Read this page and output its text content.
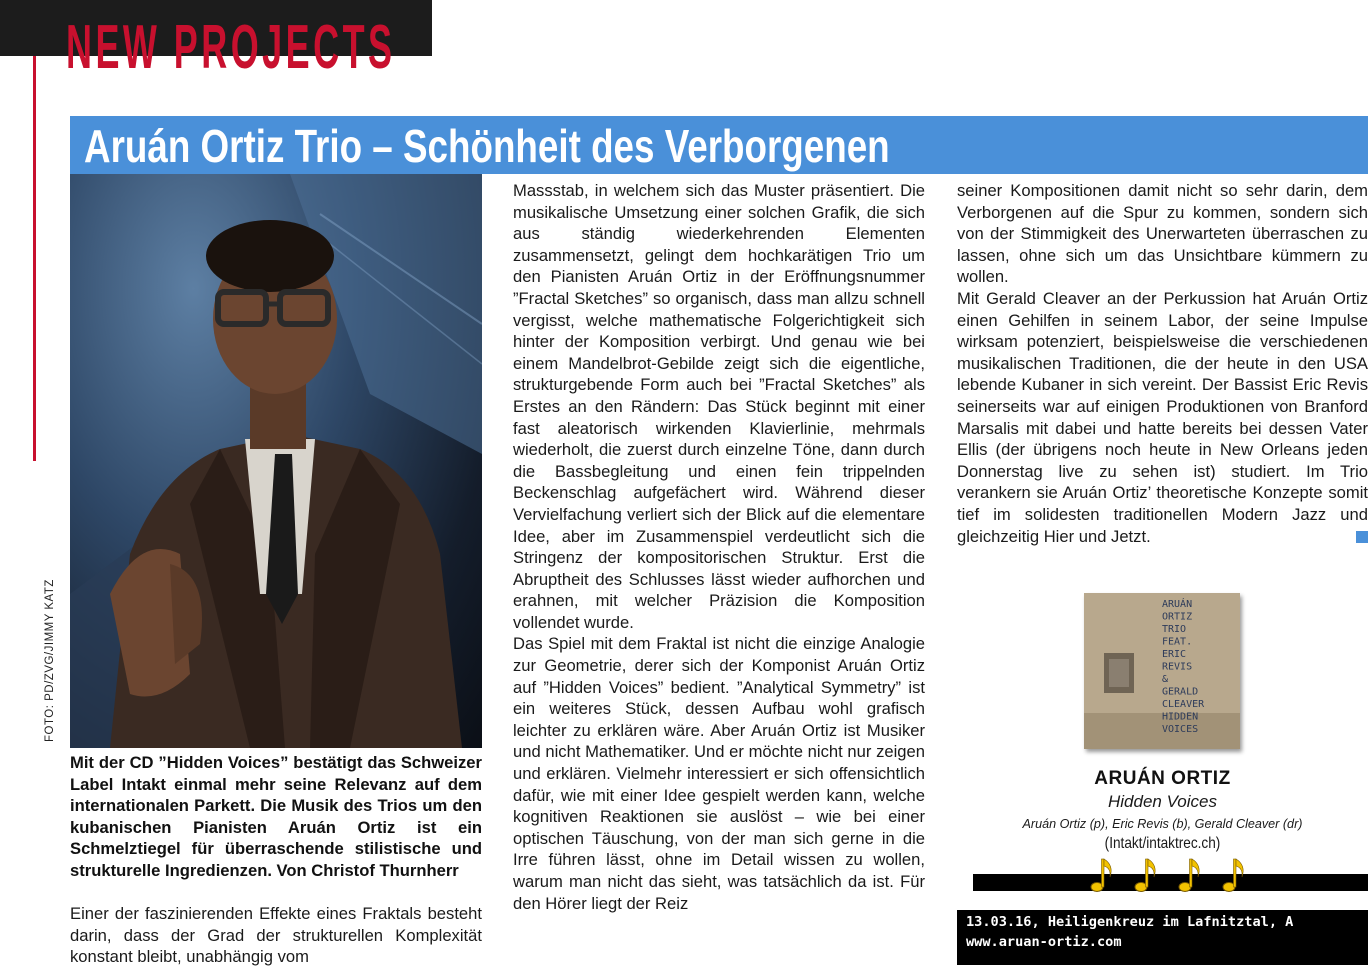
NEW PROJECTS
Aruán Ortiz Trio – Schönheit des Verborgenen
FOTO: PD/ZVG/JIMMY KATZ
Mit der CD ”Hidden Voices” bestätigt das Schweizer Label Intakt einmal mehr seine Relevanz auf dem internationalen Parkett. Die Musik des Trios um den kubanischen Pianisten Aruán Ortiz ist ein Schmelztiegel für überraschende stilistische und strukturelle Ingredienzen. Von Christof Thurnherr

Einer der faszinierenden Effekte eines Fraktals besteht darin, dass der Grad der strukturellen Komplexität konstant bleibt, unabhängig vom

Massstab, in welchem sich das Muster präsentiert. Die musikalische Umsetzung einer solchen Grafik, die sich aus ständig wiederkehrenden Elementen zusammensetzt, gelingt dem hochkarätigen Trio um den Pianisten Aruán Ortiz in der Eröffnungsnummer ”Fractal Sketches” so organisch, dass man allzu schnell vergisst, welche mathematische Folgerichtigkeit sich hinter der Komposition verbirgt. Und genau wie bei einem Mandelbrot-Gebilde zeigt sich die eigentliche, strukturgebende Form auch bei ”Fractal Sketches” als Erstes an den Rändern: Das Stück beginnt mit einer fast aleatorisch wirkenden Klavierlinie, mehrmals wiederholt, die zuerst durch einzelne Töne, dann durch die Bassbegleitung und einen fein trippelnden Beckenschlag aufgefächert wird. Während dieser Vervielfachung verliert sich der Blick auf die elementare Idee, aber im Zusammenspiel verdeutlicht sich die Stringenz der kompositorischen Struktur. Erst die Abruptheit des Schlusses lässt wieder aufhorchen und erahnen, mit welcher Präzision die Komposition vollendet wurde.

Das Spiel mit dem Fraktal ist nicht die einzige Analogie zur Geometrie, derer sich der Komponist Aruán Ortiz auf ”Hidden Voices” bedient. ”Analytical Symmetry” ist ein weiteres Stück, dessen Aufbau wohl grafisch leichter zu erklären wäre. Aber Aruán Ortiz ist Musiker und nicht Mathematiker. Und er möchte nicht nur zeigen und erklären. Vielmehr interessiert er sich offensichtlich dafür, wie mit einer Idee gespielt werden kann, welche kognitiven Reaktionen sie auslöst – wie bei einer optischen Täuschung, von der man sich gerne in die Irre führen lässt, ohne im Detail wissen zu wollen, warum man nicht das sieht, was tatsächlich da ist. Für den Hörer liegt der Reiz

seiner Kompositionen damit nicht so sehr darin, dem Verborgenen auf die Spur zu kommen, sondern sich von der Stimmigkeit des Unerwarteten überraschen zu lassen, ohne sich um das Unsichtbare kümmern zu wollen.

Mit Gerald Cleaver an der Perkussion hat Aruán Ortiz einen Gehilfen in seinem Labor, der seine Impulse wirksam potenziert, beispielsweise die verschiedenen musikalischen Traditionen, die der heute in den USA lebende Kubaner in sich vereint. Der Bassist Eric Revis seinerseits war auf einigen Produktionen von Branford Marsalis mit dabei und hatte bereits bei dessen Vater Ellis (der übrigens noch heute in New Orleans jeden Donnerstag live zu sehen ist) studiert. Im Trio verankern sie Aruán Ortiz’ theoretische Konzepte somit tief im solidesten traditionellen Modern Jazz und gleichzeitig Hier und Jetzt.

ARUÁN ORTIZ TRIO FEAT. ERIC REVIS & GERALD CLEAVER HIDDEN VOICES
ARUÁN ORTIZ
Hidden Voices
Aruán Ortiz (p), Eric Revis (b), Gerald Cleaver (dr)
(Intakt/intaktrec.ch)
13.03.16, Heiligenkreuz im Lafnitztal, A
www.aruan-ortiz.com
